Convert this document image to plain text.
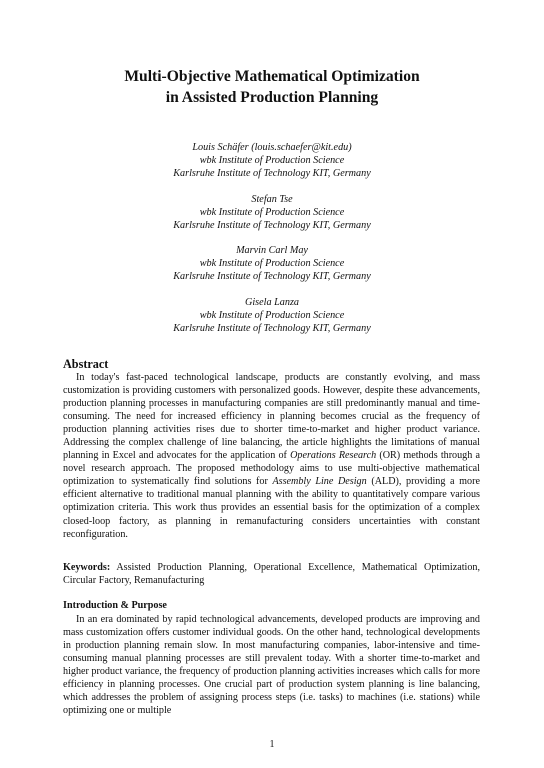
Multi-Objective Mathematical Optimization
in Assisted Production Planning
Louis Schäfer (louis.schaefer@kit.edu)
wbk Institute of Production Science
Karlsruhe Institute of Technology KIT, Germany
Stefan Tse
wbk Institute of Production Science
Karlsruhe Institute of Technology KIT, Germany
Marvin Carl May
wbk Institute of Production Science
Karlsruhe Institute of Technology KIT, Germany
Gisela Lanza
wbk Institute of Production Science
Karlsruhe Institute of Technology KIT, Germany
Abstract

In today's fast-paced technological landscape, products are constantly evolving, and mass customization is providing customers with personalized goods. However, despite these advancements, production planning processes in manufacturing companies are still predominantly manual and time-consuming. The need for increased efficiency in planning becomes crucial as the frequency of production planning activities rises due to shorter time-to-market and higher product variance. Addressing the complex challenge of line balancing, the article highlights the limitations of manual planning in Excel and advocates for the application of Operations Research (OR) methods through a novel research approach. The proposed methodology aims to use multi-objective mathematical optimization to systematically find solutions for Assembly Line Design (ALD), providing a more efficient alternative to traditional manual planning with the ability to quantitatively compare various optimization criteria. This work thus provides an essential basis for the optimization of a complex closed-loop factory, as planning in remanufacturing considers uncertainties with constant reconfiguration.

Keywords: Assisted Production Planning, Operational Excellence, Mathematical Optimization, Circular Factory, Remanufacturing
Introduction & Purpose

In an era dominated by rapid technological advancements, developed products are improving and mass customization offers customer individual goods. On the other hand, technological developments in production planning remain slow. In most manufacturing companies, labor-intensive and time-consuming manual planning processes are still prevalent today. With a shorter time-to-market and higher product variance, the frequency of production planning activities increases which calls for more efficiency in planning processes. One crucial part of production system planning is line balancing, which addresses the problem of assigning process steps (i.e. tasks) to machines (i.e. stations) while optimizing one or multiple

1
